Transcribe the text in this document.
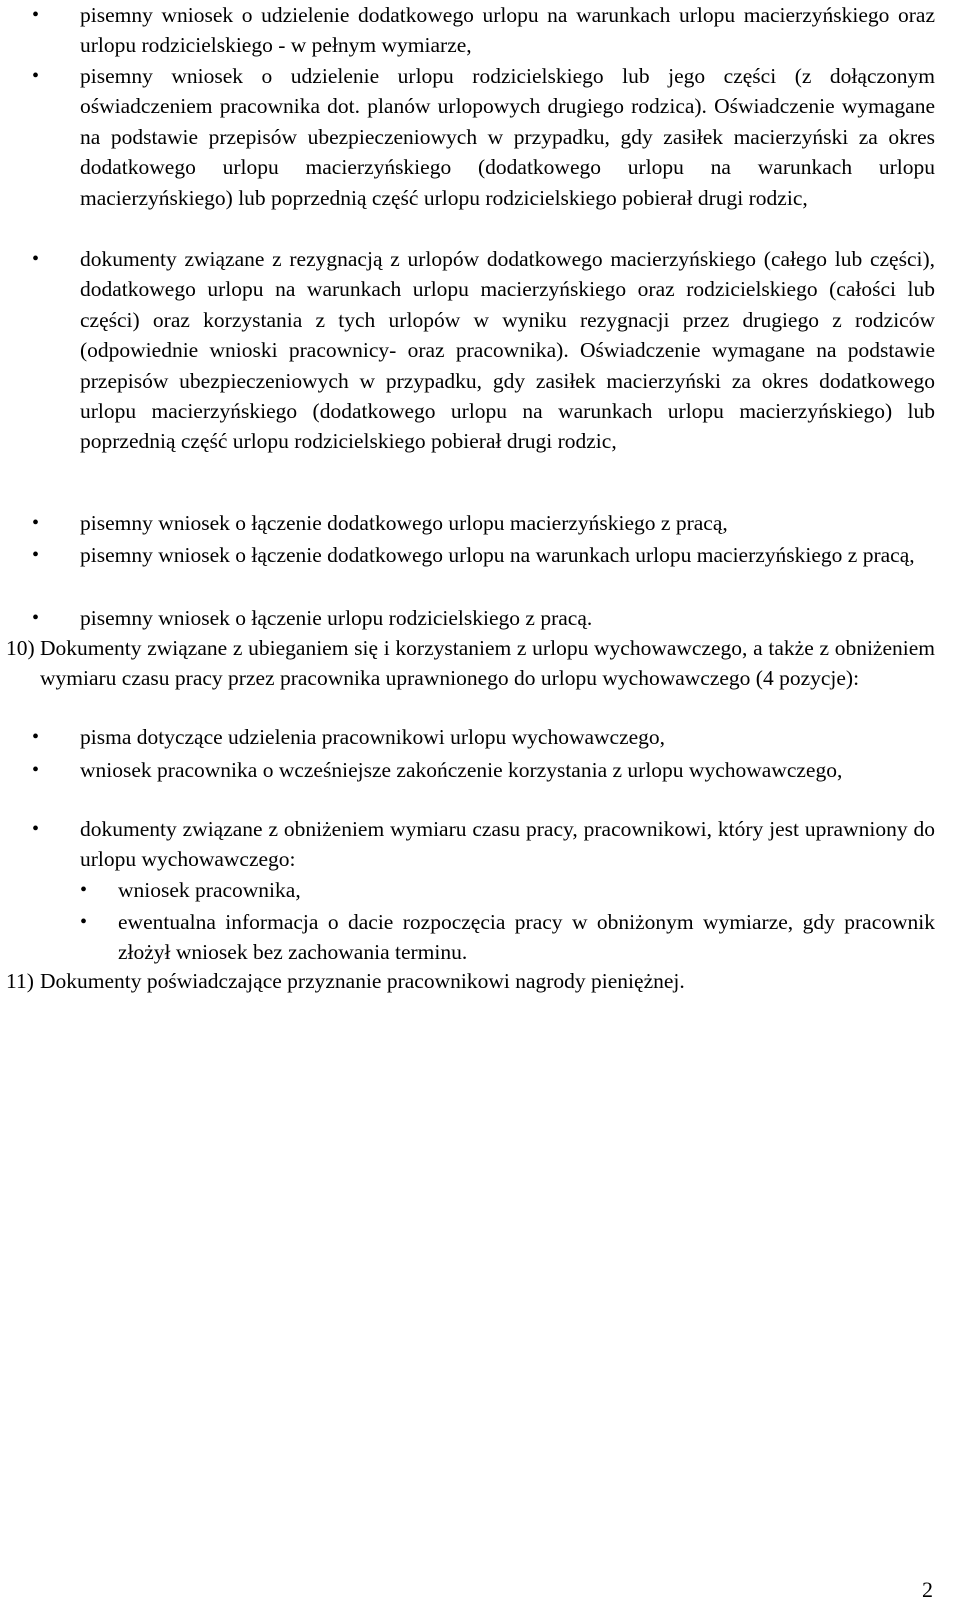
• pisemny wniosek o udzielenie dodatkowego urlopu na warunkach urlopu macierzyńskiego oraz urlopu rodzicielskiego - w pełnym wymiarze,
• pisemny wniosek o udzielenie urlopu rodzicielskiego lub jego części (z dołączonym oświadczeniem pracownika dot. planów urlopowych drugiego rodzica). Oświadczenie wymagane na podstawie przepisów ubezpieczeniowych w przypadku, gdy zasiłek macierzyński za okres dodatkowego urlopu macierzyńskiego (dodatkowego urlopu na warunkach urlopu macierzyńskiego) lub poprzednią część urlopu rodzicielskiego pobierał drugi rodzic,
• dokumenty związane z rezygnacją z urlopów dodatkowego macierzyńskiego (całego lub części), dodatkowego urlopu na warunkach urlopu macierzyńskiego oraz rodzicielskiego (całości lub części) oraz korzystania z tych urlopów w wyniku rezygnacji przez drugiego z rodziców (odpowiednie wnioski pracownicy- oraz pracownika). Oświadczenie wymagane na podstawie przepisów ubezpieczeniowych w przypadku, gdy zasiłek macierzyński za okres dodatkowego urlopu macierzyńskiego (dodatkowego urlopu na warunkach urlopu macierzyńskiego) lub poprzednią część urlopu rodzicielskiego pobierał drugi rodzic,
• pisemny wniosek o łączenie dodatkowego urlopu macierzyńskiego z pracą,
• pisemny wniosek o łączenie dodatkowego urlopu na warunkach urlopu macierzyńskiego z pracą,
• pisemny wniosek o łączenie urlopu rodzicielskiego z pracą.
10) Dokumenty związane z ubieganiem się i korzystaniem z urlopu wychowawczego, a także z obniżeniem wymiaru czasu pracy przez pracownika uprawnionego do urlopu wychowawczego (4 pozycje):
• pisma dotyczące udzielenia pracownikowi urlopu wychowawczego,
• wniosek pracownika o wcześniejsze zakończenie korzystania z urlopu wychowawczego,
• dokumenty związane z obniżeniem wymiaru czasu pracy, pracownikowi, który jest uprawniony do urlopu wychowawczego:
• wniosek pracownika,
• ewentualna informacja o dacie rozpoczęcia pracy w obniżonym wymiarze, gdy pracownik złożył wniosek bez zachowania terminu.
11) Dokumenty poświadczające przyznanie pracownikowi nagrody pieniężnej.
2
